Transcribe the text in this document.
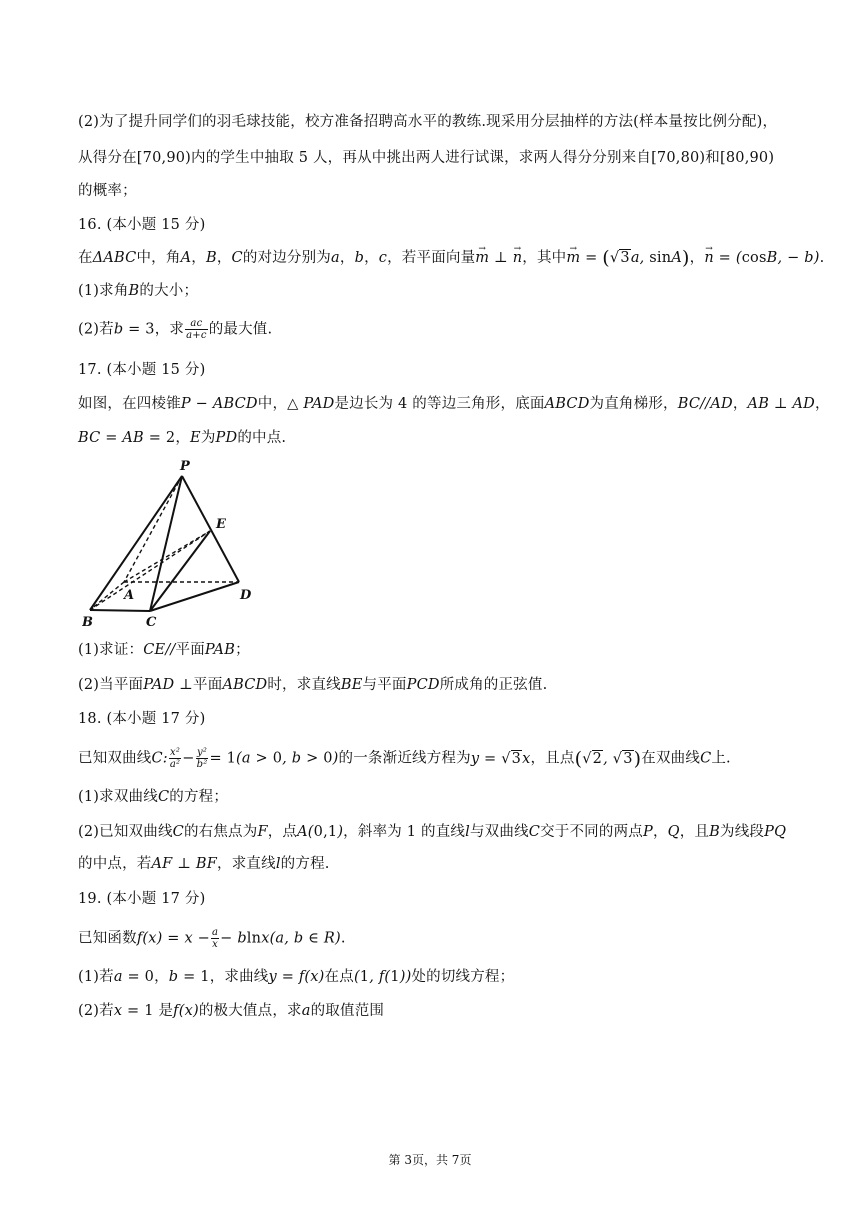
(2)为了提升同学们的羽毛球技能，校方准备招聘高水平的教练.现采用分层抽样的方法(样本量按比例分配)，
从得分在[70,90)内的学生中抽取 5 人，再从中挑出两人进行试课，求两人得分分别来自[70,80)和[80,90)
的概率；
16. (本小题 15 分)
在ΔABC中，角A，B，C的对边分别为a，b，c，若平面向量m → ⊥ n →，其中m → = (√3a, sinA)，n → = (cosB, − b).
(1)求角B的大小；
(2)若b = 3，求 $\frac{ac}{a+c}$ 的最大值.
17. (本小题 15 分)
如图，在四棱锥P − ABCD中，△ PAD是边长为 4 的等边三角形，底面ABCD为直角梯形，BC//AD，AB ⊥ AD，
BC = AB = 2，E为PD的中点.
P
E
A	D
B	C
(1)求证：CE//平面PAB；
(2)当平面PAD ⊥平面ABCD时，求直线BE与平面PCD所成角的正弦值.
18. (本小题 17 分)
已知双曲线C: $\frac{\text{x²}}{\text{a²}} - \frac{\text{y²}}{\text{b²}} = 1(a > 0$, b > 0)的一条渐近线方程为y = √3x，且点(√2, √3)在双曲线C上.
(1)求双曲线C的方程；
(2)已知双曲线C的右焦点为F，点A(0,1)，斜率为 1 的直线l与双曲线C交于不同的两点P，Q，且B为线段PQ
的中点，若AF ⊥ BF，求直线l的方程.
19. (本小题 17 分)
已知函数$f(x) = x - \frac{a}{x} - blnx(a$, b ∈ R).
(1)若a = 0，b = 1，求曲线y = f(x)在点(1, f(1))处的切线方程；
(2)若x = 1 是f(x)的极大值点，求a的取值范围
第 3页，共 7页
